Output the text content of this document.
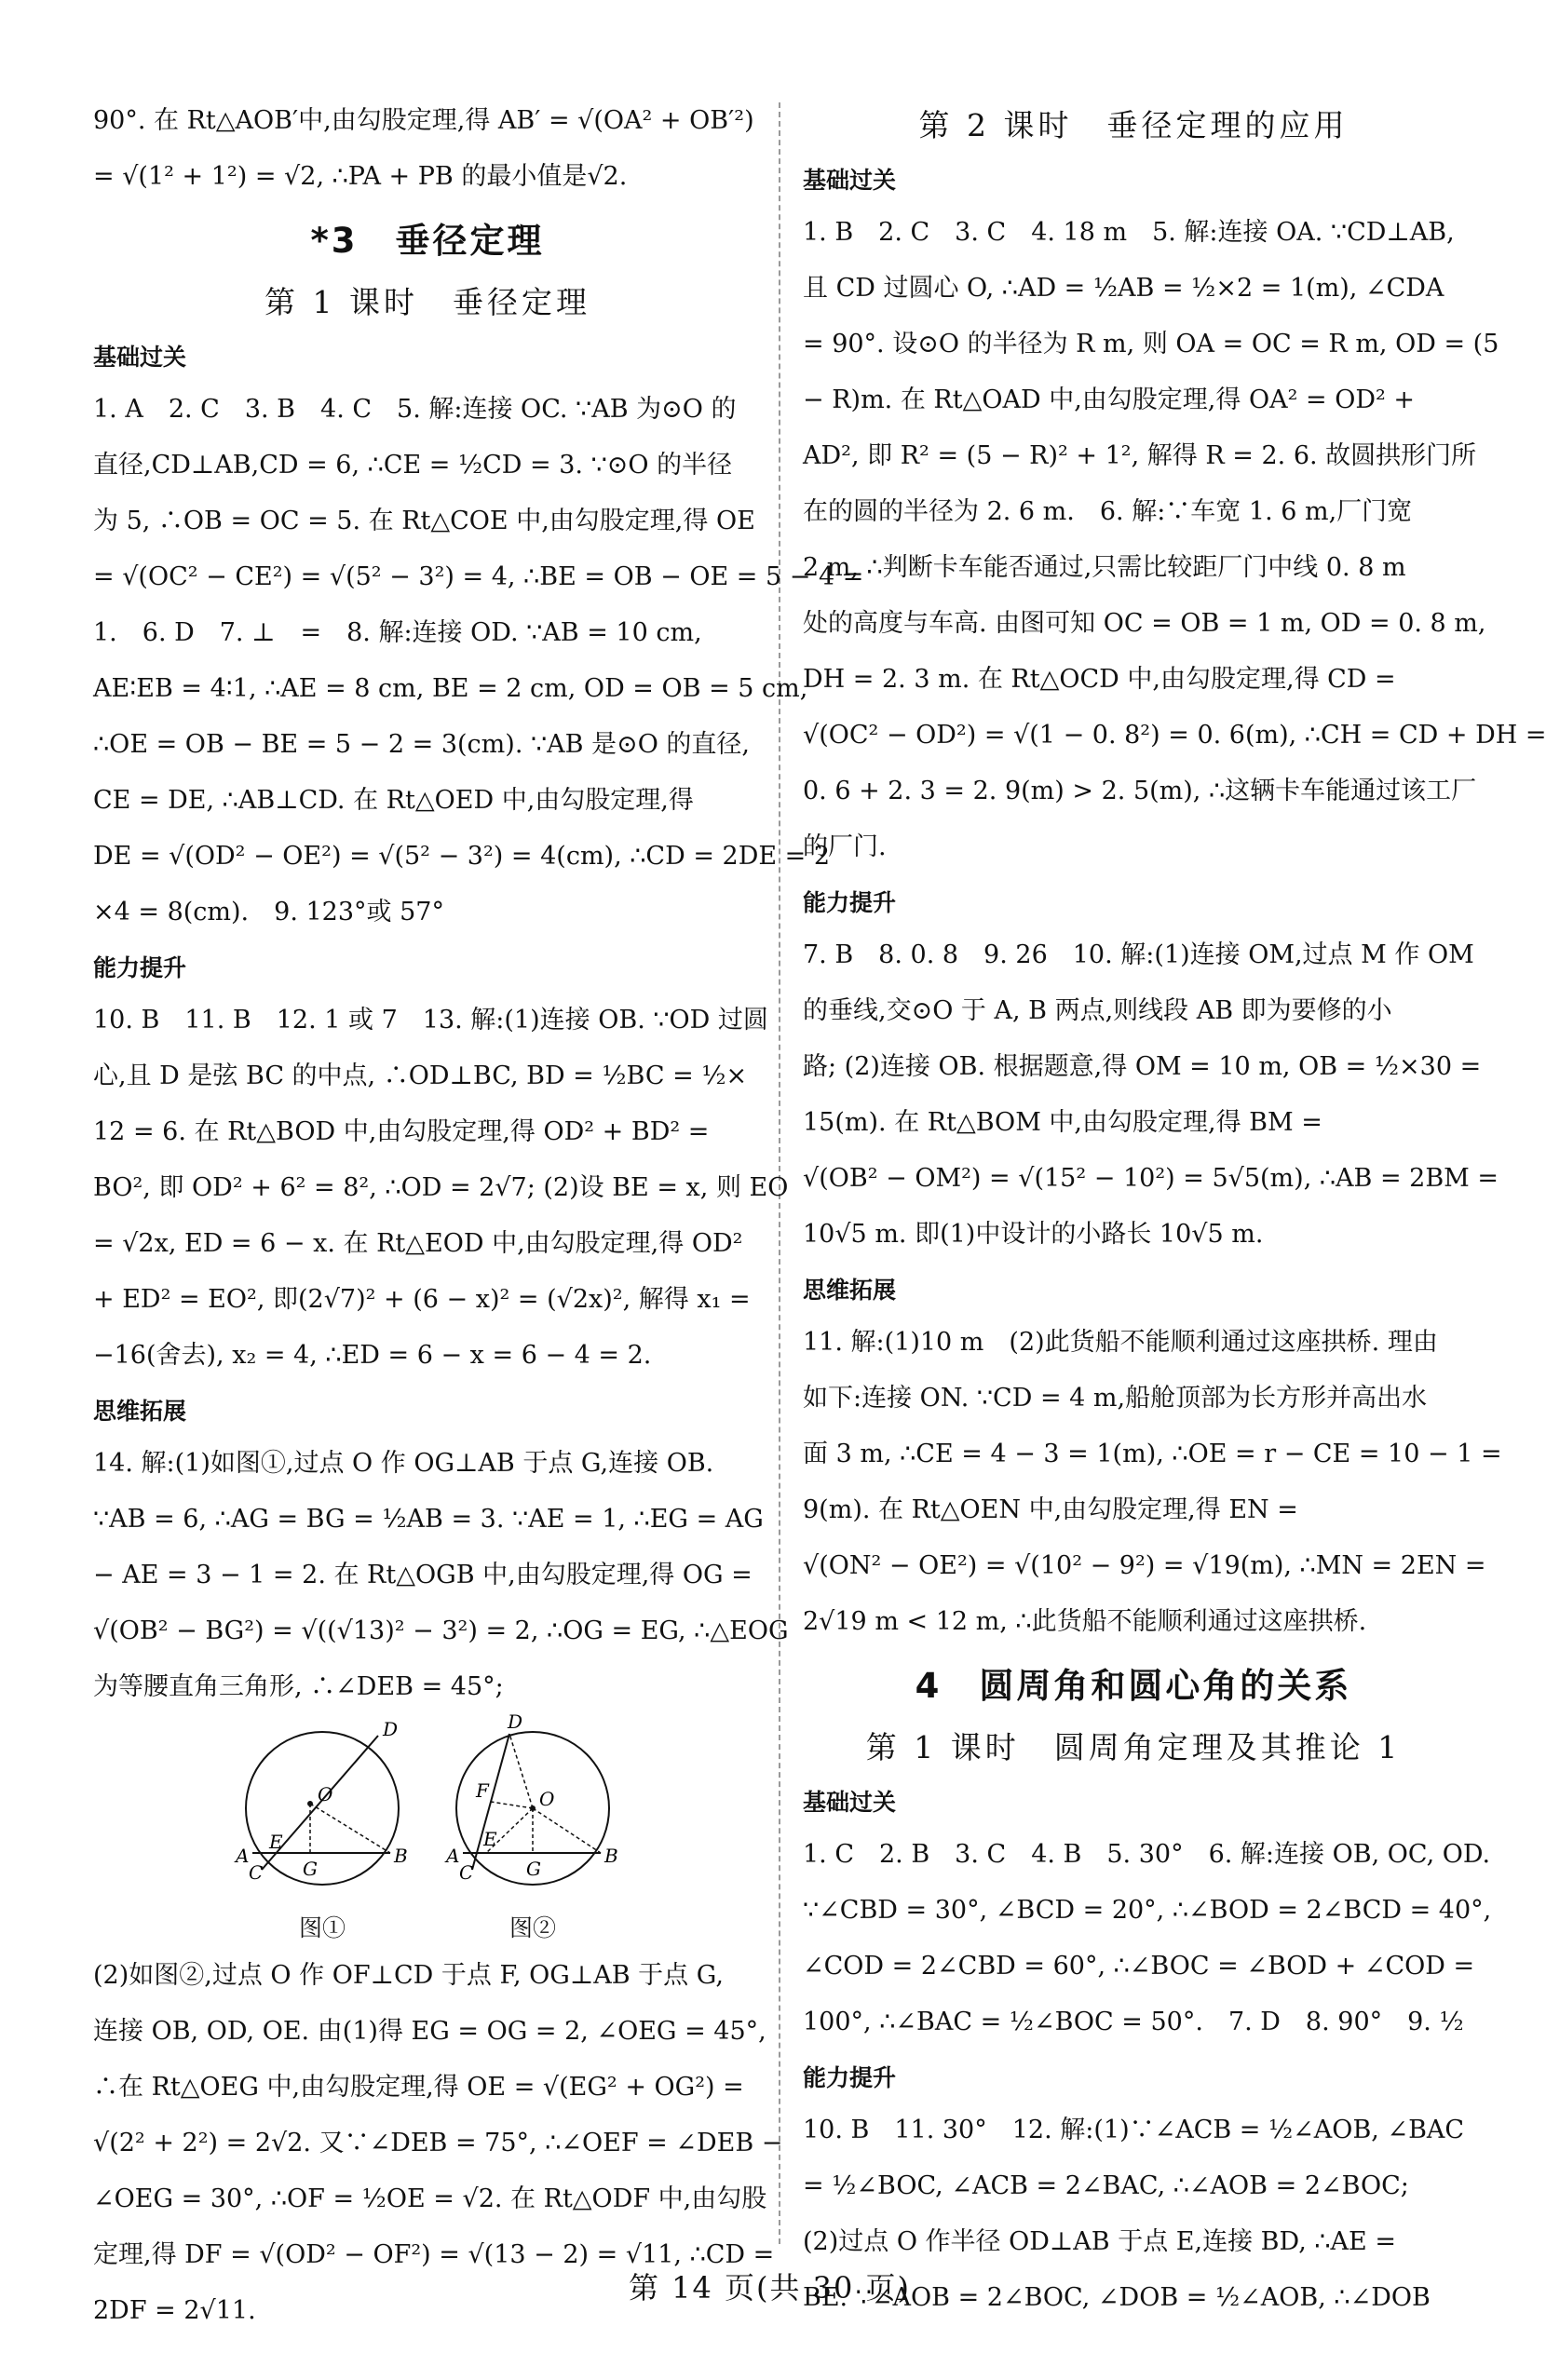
90°. 在 Rt△AOB′中,由勾股定理,得 AB′ = √(OA² + OB′²)
= √(1² + 1²) = √2, ∴PA + PB 的最小值是√2.
*3　垂径定理
第 1 课时　垂径定理
基础过关
1. A　2. C　3. B　4. C　5. 解:连接 OC. ∵AB 为⊙O 的
直径,CD⊥AB,CD = 6, ∴CE = ½CD = 3. ∵⊙O 的半径
为 5, ∴OB = OC = 5. 在 Rt△COE 中,由勾股定理,得 OE
= √(OC² − CE²) = √(5² − 3²) = 4, ∴BE = OB − OE = 5 − 4 =
1.　6. D　7. ⊥　=　8. 解:连接 OD. ∵AB = 10 cm,
AE∶EB = 4∶1, ∴AE = 8 cm, BE = 2 cm, OD = OB = 5 cm,
∴OE = OB − BE = 5 − 2 = 3(cm). ∵AB 是⊙O 的直径,
CE = DE, ∴AB⊥CD. 在 Rt△OED 中,由勾股定理,得
DE = √(OD² − OE²) = √(5² − 3²) = 4(cm), ∴CD = 2DE = 2
×4 = 8(cm).　9. 123°或 57°
能力提升
10. B　11. B　12. 1 或 7　13. 解:(1)连接 OB. ∵OD 过圆
心,且 D 是弦 BC 的中点, ∴OD⊥BC, BD = ½BC = ½×
12 = 6. 在 Rt△BOD 中,由勾股定理,得 OD² + BD² =
BO², 即 OD² + 6² = 8², ∴OD = 2√7; (2)设 BE = x, 则 EO
= √2x, ED = 6 − x. 在 Rt△EOD 中,由勾股定理,得 OD²
+ ED² = EO², 即(2√7)² + (6 − x)² = (√2x)², 解得 x₁ =
−16(舍去), x₂ = 4, ∴ED = 6 − x = 6 − 4 = 2.
思维拓展
14. 解:(1)如图①,过点 O 作 OG⊥AB 于点 G,连接 OB.
∵AB = 6, ∴AG = BG = ½AB = 3. ∵AE = 1, ∴EG = AG
− AE = 3 − 1 = 2. 在 Rt△OGB 中,由勾股定理,得 OG =
√(OB² − BG²) = √((√13)² − 3²) = 2, ∴OG = EG, ∴△EOG
为等腰直角三角形, ∴∠DEB = 45°;
D
O
E
A
C G
B
图①
D
O
F
E
A
C	G
B
图②
(2)如图②,过点 O 作 OF⊥CD 于点 F, OG⊥AB 于点 G,
连接 OB, OD, OE. 由(1)得 EG = OG = 2, ∠OEG = 45°,
∴在 Rt△OEG 中,由勾股定理,得 OE = √(EG² + OG²) =
√(2² + 2²) = 2√2. 又∵∠DEB = 75°, ∴∠OEF = ∠DEB −
∠OEG = 30°, ∴OF = ½OE = √2. 在 Rt△ODF 中,由勾股
定理,得 DF = √(OD² − OF²) = √(13 − 2) = √11, ∴CD =
2DF = 2√11.
第 2 课时　垂径定理的应用
基础过关
1. B　2. C　3. C　4. 18 m　5. 解:连接 OA. ∵CD⊥AB,
且 CD 过圆心 O, ∴AD = ½AB = ½×2 = 1(m), ∠CDA
= 90°. 设⊙O 的半径为 R m, 则 OA = OC = R m, OD = (5
− R)m. 在 Rt△OAD 中,由勾股定理,得 OA² = OD² +
AD², 即 R² = (5 − R)² + 1², 解得 R = 2. 6. 故圆拱形门所
在的圆的半径为 2. 6 m.　6. 解:∵车宽 1. 6 m,厂门宽
2 m, ∴判断卡车能否通过,只需比较距厂门中线 0. 8 m
处的高度与车高. 由图可知 OC = OB = 1 m, OD = 0. 8 m,
DH = 2. 3 m. 在 Rt△OCD 中,由勾股定理,得 CD =
√(OC² − OD²) = √(1 − 0. 8²) = 0. 6(m), ∴CH = CD + DH =
0. 6 + 2. 3 = 2. 9(m) > 2. 5(m), ∴这辆卡车能通过该工厂
的厂门.
能力提升
7. B　8. 0. 8　9. 26　10. 解:(1)连接 OM,过点 M 作 OM
的垂线,交⊙O 于 A, B 两点,则线段 AB 即为要修的小
路; (2)连接 OB. 根据题意,得 OM = 10 m, OB = ½×30 =
15(m). 在 Rt△BOM 中,由勾股定理,得 BM =
√(OB² − OM²) = √(15² − 10²) = 5√5(m), ∴AB = 2BM =
10√5 m. 即(1)中设计的小路长 10√5 m.
思维拓展
11. 解:(1)10 m　(2)此货船不能顺利通过这座拱桥. 理由
如下:连接 ON. ∵CD = 4 m,船舱顶部为长方形并高出水
面 3 m, ∴CE = 4 − 3 = 1(m), ∴OE = r − CE = 10 − 1 =
9(m). 在 Rt△OEN 中,由勾股定理,得 EN =
√(ON² − OE²) = √(10² − 9²) = √19(m), ∴MN = 2EN =
2√19 m < 12 m, ∴此货船不能顺利通过这座拱桥.
4　圆周角和圆心角的关系
第 1 课时　圆周角定理及其推论 1
基础过关
1. C　2. B　3. C　4. B　5. 30°　6. 解:连接 OB, OC, OD.
∵∠CBD = 30°, ∠BCD = 20°, ∴∠BOD = 2∠BCD = 40°,
∠COD = 2∠CBD = 60°, ∴∠BOC = ∠BOD + ∠COD =
100°, ∴∠BAC = ½∠BOC = 50°.　7. D　8. 90°　9. ½
能力提升
10. B　11. 30°　12. 解:(1)∵∠ACB = ½∠AOB, ∠BAC
= ½∠BOC, ∠ACB = 2∠BAC, ∴∠AOB = 2∠BOC;
(2)过点 O 作半径 OD⊥AB 于点 E,连接 BD, ∴AE =
BE. ∵∠AOB = 2∠BOC, ∠DOB = ½∠AOB, ∴∠DOB
第 14 页(共 30 页)
